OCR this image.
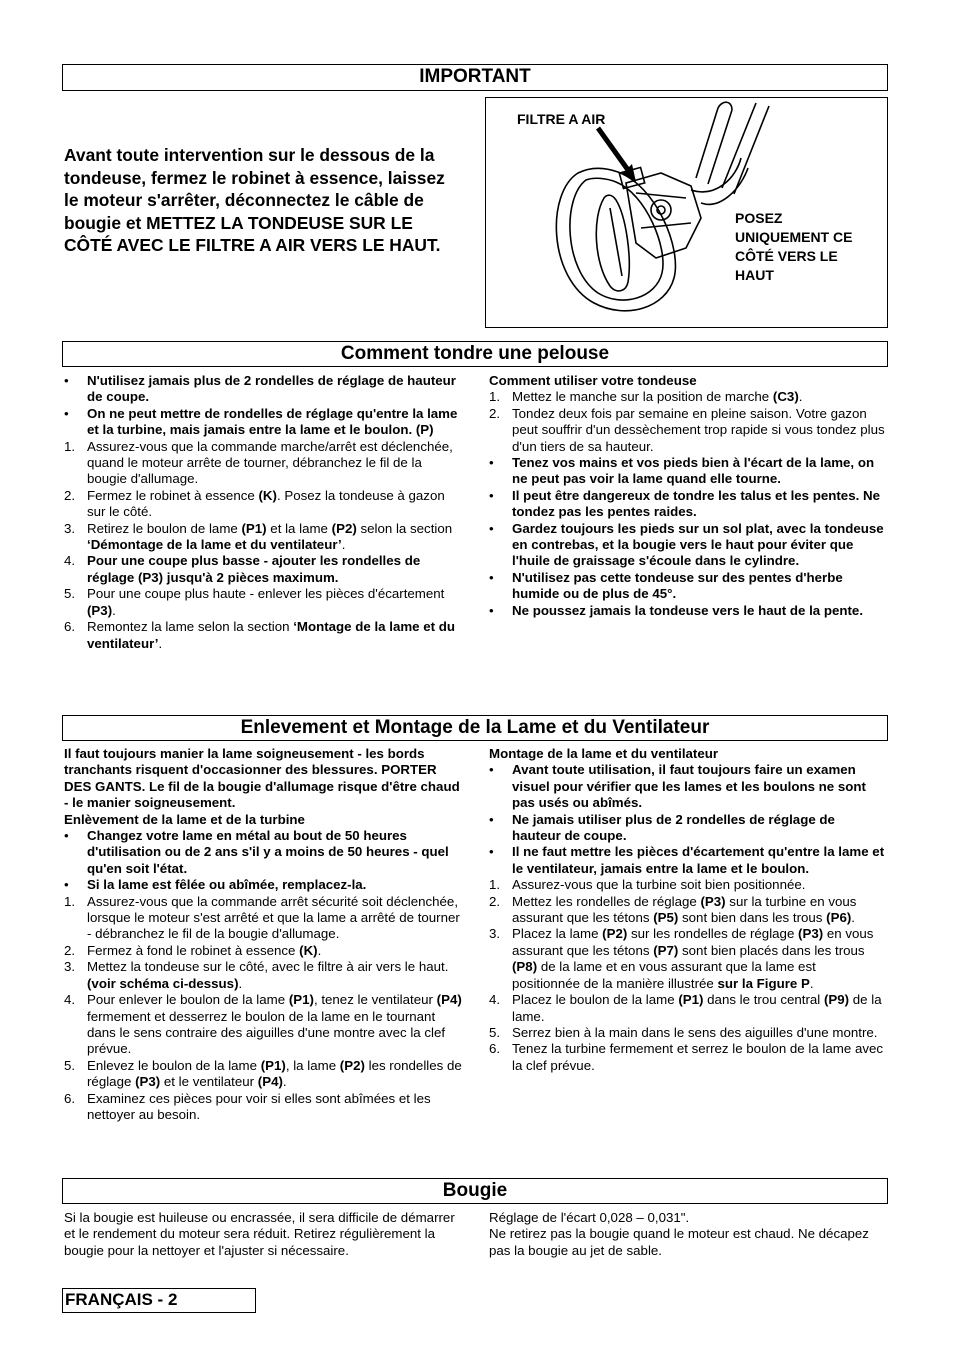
IMPORTANT
Avant toute intervention sur le dessous de la tondeuse, fermez le robinet à essence, laissez le moteur s'arrêter, déconnectez le câble de bougie et METTEZ LA TONDEUSE SUR LE CÔTÉ AVEC LE FILTRE A AIR VERS LE HAUT.
FILTRE A AIR
POSEZ UNIQUEMENT CE CÔTÉ VERS LE HAUT
Comment tondre une pelouse
• N'utilisez jamais plus de 2 rondelles de réglage de hauteur de coupe.
• On ne peut mettre de rondelles de réglage qu'entre la lame et la turbine, mais jamais entre la lame et le boulon. (P)
1. Assurez-vous que la commande marche/arrêt est déclenchée, quand le moteur arrête de tourner, débranchez le fil de la bougie d'allumage.
2. Fermez le robinet à essence (K). Posez la tondeuse à gazon sur le côté.
3. Retirez le boulon de lame (P1) et la lame (P2) selon la section ‘Démontage de la lame et du ventilateur’.
4. Pour une coupe plus basse - ajouter les rondelles de réglage (P3) jusqu'à 2 pièces maximum.
5. Pour une coupe plus haute - enlever les pièces d'écartement (P3).
6. Remontez la lame selon la section ‘Montage de la lame et du ventilateur’.

Comment utiliser votre tondeuse

1. Mettez le manche sur la position de marche (C3).
2. Tondez deux fois par semaine en pleine saison. Votre gazon peut souffrir d'un dessèchement trop rapide si vous tondez plus d'un tiers de sa hauteur.
• Tenez vos mains et vos pieds bien à l'écart de la lame, on ne peut pas voir la lame quand elle tourne.
• Il peut être dangereux de tondre les talus et les pentes. Ne tondez pas les pentes raides.
• Gardez toujours les pieds sur un sol plat, avec la tondeuse en contrebas, et la bougie vers le haut pour éviter que l'huile de graissage s'écoule dans le cylindre.
• N'utilisez pas cette tondeuse sur des pentes d'herbe humide ou de plus de 45°.
• Ne poussez jamais la tondeuse vers le haut de la pente.
Enlevement et Montage de la Lame et du Ventilateur

Il faut toujours manier la lame soigneusement - les bords tranchants risquent d'occasionner des blessures. PORTER DES GANTS. Le fil de la bougie d'allumage risque d'être chaud - le manier soigneusement.

Enlèvement de la lame et de la turbine

• Changez votre lame en métal au bout de 50 heures d'utilisation ou de 2 ans s'il y a moins de 50 heures - quel qu'en soit l'état.
• Si la lame est fêlée ou abîmée, remplacez-la.
1. Assurez-vous que la commande arrêt sécurité soit déclenchée, lorsque le moteur s'est arrêté et que la lame a arrêté de tourner - débranchez le fil de la bougie d'allumage.
2. Fermez à fond le robinet à essence (K).
3. Mettez la tondeuse sur le côté, avec le filtre à air vers le haut. (voir schéma ci-dessus).
4. Pour enlever le boulon de la lame (P1), tenez le ventilateur (P4) fermement et desserrez le boulon de la lame en le tournant dans le sens contraire des aiguilles d'une montre avec la clef prévue.
5. Enlevez le boulon de la lame (P1), la lame (P2) les rondelles de réglage (P3) et le ventilateur (P4).
6. Examinez ces pièces pour voir si elles sont abîmées et les nettoyer au besoin.

Montage de la lame et du ventilateur

• Avant toute utilisation, il faut toujours faire un examen visuel pour vérifier que les lames et les boulons ne sont pas usés ou abîmés.
• Ne jamais utiliser plus de 2 rondelles de réglage de hauteur de coupe.
• Il ne faut mettre les pièces d'écartement qu'entre la lame et le ventilateur, jamais entre la lame et le boulon.
1. Assurez-vous que la turbine soit bien positionnée.
2. Mettez les rondelles de réglage (P3) sur la turbine en vous assurant que les tétons (P5) sont bien dans les trous (P6).
3. Placez la lame (P2) sur les rondelles de réglage (P3) en vous assurant que les tétons (P7) sont bien placés dans les trous (P8) de la lame et en vous assurant que la lame est positionnée de la manière illustrée sur la Figure P.
4. Placez le boulon de la lame (P1) dans le trou central (P9) de la lame.
5. Serrez bien à la main dans le sens des aiguilles d'une montre.
6. Tenez la turbine fermement et serrez le boulon de la lame avec la clef prévue.
Bougie

Si la bougie est huileuse ou encrassée, il sera difficile de démarrer et le rendement du moteur sera réduit. Retirez régulièrement la bougie pour la nettoyer et l'ajuster si nécessaire.

Réglage de l'écart 0,028 – 0,031".

Ne retirez pas la bougie quand le moteur est chaud. Ne décapez pas la bougie au jet de sable.

FRANÇAIS - 2
